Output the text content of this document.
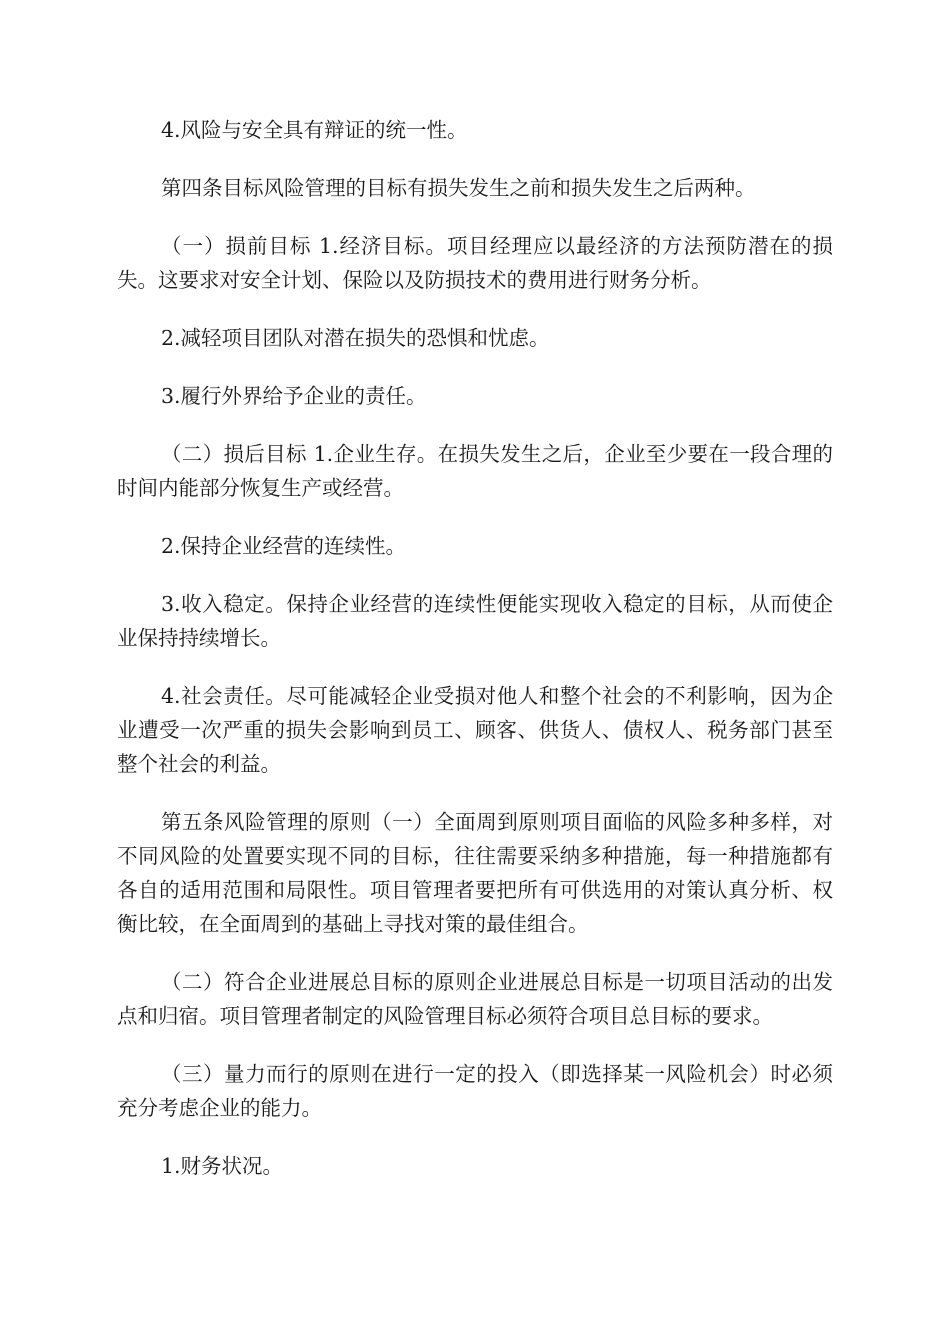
4.风险与安全具有辩证的统一性。

第四条目标风险管理的目标有损失发生之前和损失发生之后两种。

（一）损前目标 1.经济目标。项目经理应以最经济的方法预防潜在的损失。这要求对安全计划、保险以及防损技术的费用进行财务分析。

2.减轻项目团队对潜在损失的恐惧和忧虑。

3.履行外界给予企业的责任。

（二）损后目标 1.企业生存。在损失发生之后，企业至少要在一段合理的时间内能部分恢复生产或经营。

2.保持企业经营的连续性。

3.收入稳定。保持企业经营的连续性便能实现收入稳定的目标，从而使企业保持持续增长。

4.社会责任。尽可能减轻企业受损对他人和整个社会的不利影响，因为企业遭受一次严重的损失会影响到员工、顾客、供货人、债权人、税务部门甚至整个社会的利益。

第五条风险管理的原则（一）全面周到原则项目面临的风险多种多样，对不同风险的处置要实现不同的目标，往往需要采纳多种措施，每一种措施都有各自的适用范围和局限性。项目管理者要把所有可供选用的对策认真分析、权衡比较，在全面周到的基础上寻找对策的最佳组合。

（二）符合企业进展总目标的原则企业进展总目标是一切项目活动的出发点和归宿。项目管理者制定的风险管理目标必须符合项目总目标的要求。

（三）量力而行的原则在进行一定的投入（即选择某一风险机会）时必须充分考虑企业的能力。

1.财务状况。
